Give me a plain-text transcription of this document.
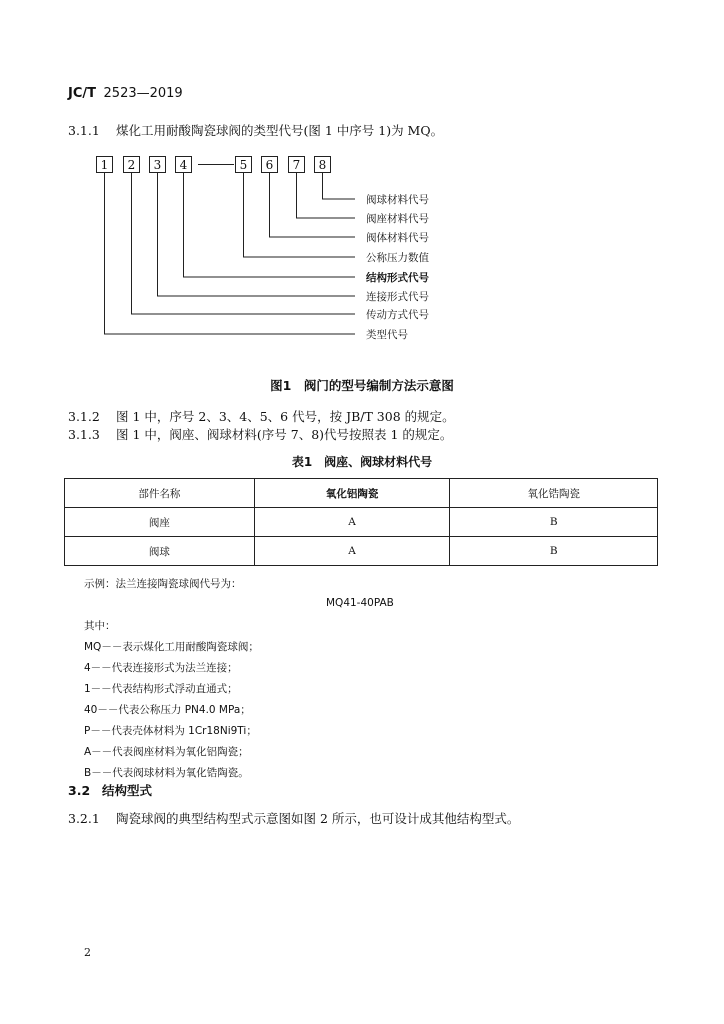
JC/T 2523—2019
3.1.1 煤化工用耐酸陶瓷球阀的类型代号(图 1 中序号 1)为 MQ。
1	2	3	4	5	6	7	8
阀球材料代号
阀座材料代号
阀体材料代号
公称压力数值
结构形式代号
连接形式代号
传动方式代号
类型代号
图1　阀门的型号编制方法示意图
3.1.2 图 1 中，序号 2、3、4、5、6 代号，按 JB/T 308 的规定。
3.1.3 图 1 中，阀座、阀球材料(序号 7、8)代号按照表 1 的规定。
表1　阀座、阀球材料代号
部件名称	氧化铝陶瓷	氧化锆陶瓷
阀座	A	B
阀球	A	B
示例：法兰连接陶瓷球阀代号为：
MQ41-40PAB
其中：
MQ－－表示煤化工用耐酸陶瓷球阀；
4－－代表连接形式为法兰连接；
1－－代表结构形式浮动直通式；
40－－代表公称压力 PN4.0 MPa；
P－－代表壳体材料为 1Cr18Ni9Ti；
A－－代表阀座材料为氧化铝陶瓷；
B－－代表阀球材料为氧化锆陶瓷。
3.2 结构型式
3.2.1 陶瓷球阀的典型结构型式示意图如图 2 所示，也可设计成其他结构型式。
2
